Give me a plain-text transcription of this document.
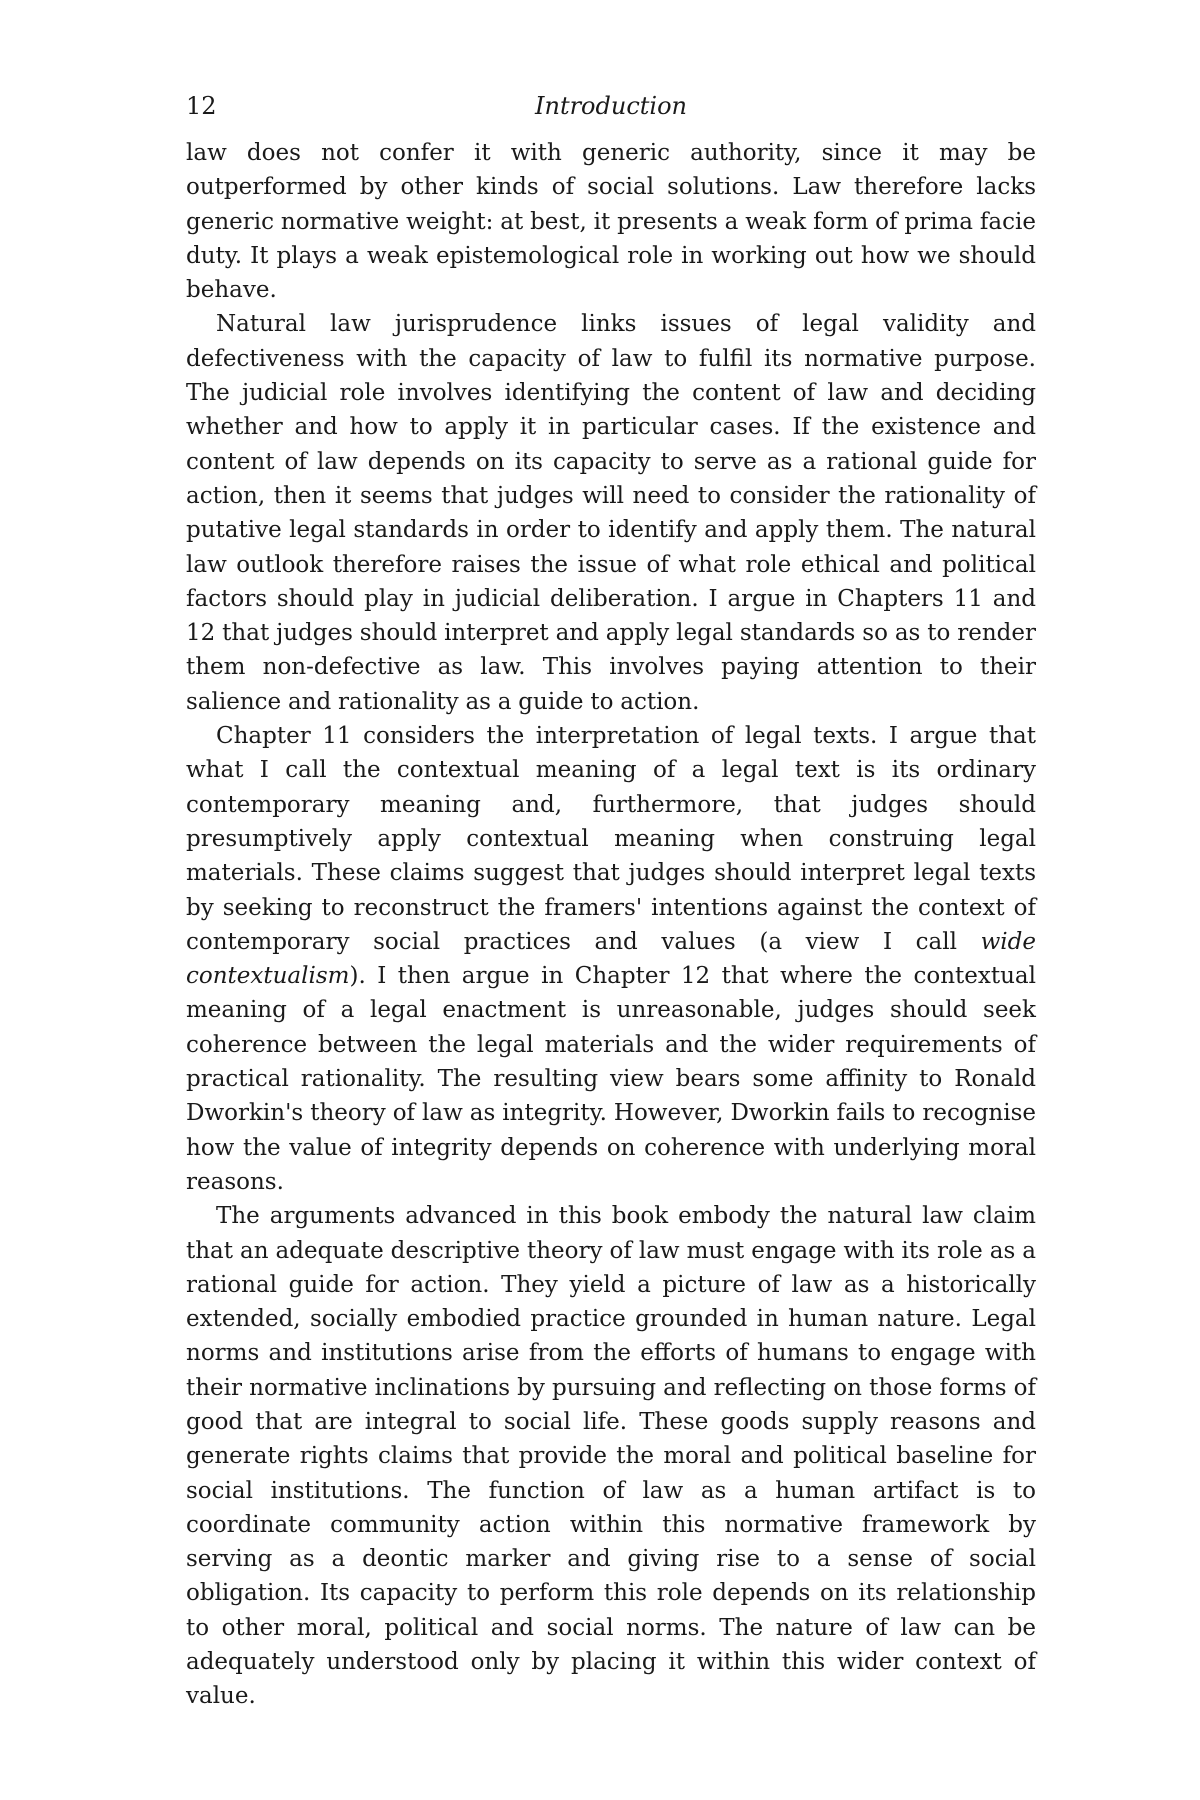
12	Introduction

law does not confer it with generic authority, since it may be outperformed by other kinds of social solutions. Law therefore lacks generic normative weight: at best, it presents a weak form of prima facie duty. It plays a weak epistemological role in working out how we should behave.

Natural law jurisprudence links issues of legal validity and defectiveness with the capacity of law to fulfil its normative purpose. The judicial role involves identifying the content of law and deciding whether and how to apply it in particular cases. If the existence and content of law depends on its capacity to serve as a rational guide for action, then it seems that judges will need to consider the rationality of putative legal standards in order to identify and apply them. The natural law outlook therefore raises the issue of what role ethical and political factors should play in judicial deliberation. I argue in Chapters 11 and 12 that judges should interpret and apply legal standards so as to render them non-defective as law. This involves paying attention to their salience and rationality as a guide to action.

Chapter 11 considers the interpretation of legal texts. I argue that what I call the contextual meaning of a legal text is its ordinary contemporary meaning and, furthermore, that judges should presumptively apply contextual meaning when construing legal materials. These claims suggest that judges should interpret legal texts by seeking to reconstruct the framers' intentions against the context of contemporary social practices and values (a view I call wide contextualism). I then argue in Chapter 12 that where the contextual meaning of a legal enactment is unreasonable, judges should seek coherence between the legal materials and the wider requirements of practical rationality. The resulting view bears some affinity to Ronald Dworkin's theory of law as integrity. However, Dworkin fails to recognise how the value of integrity depends on coherence with underlying moral reasons.

The arguments advanced in this book embody the natural law claim that an adequate descriptive theory of law must engage with its role as a rational guide for action. They yield a picture of law as a historically extended, socially embodied practice grounded in human nature. Legal norms and institutions arise from the efforts of humans to engage with their normative inclinations by pursuing and reflecting on those forms of good that are integral to social life. These goods supply reasons and generate rights claims that provide the moral and political baseline for social institutions. The function of law as a human artifact is to coordinate community action within this normative framework by serving as a deontic marker and giving rise to a sense of social obligation. Its capacity to perform this role depends on its relationship to other moral, political and social norms. The nature of law can be adequately understood only by placing it within this wider context of value.
